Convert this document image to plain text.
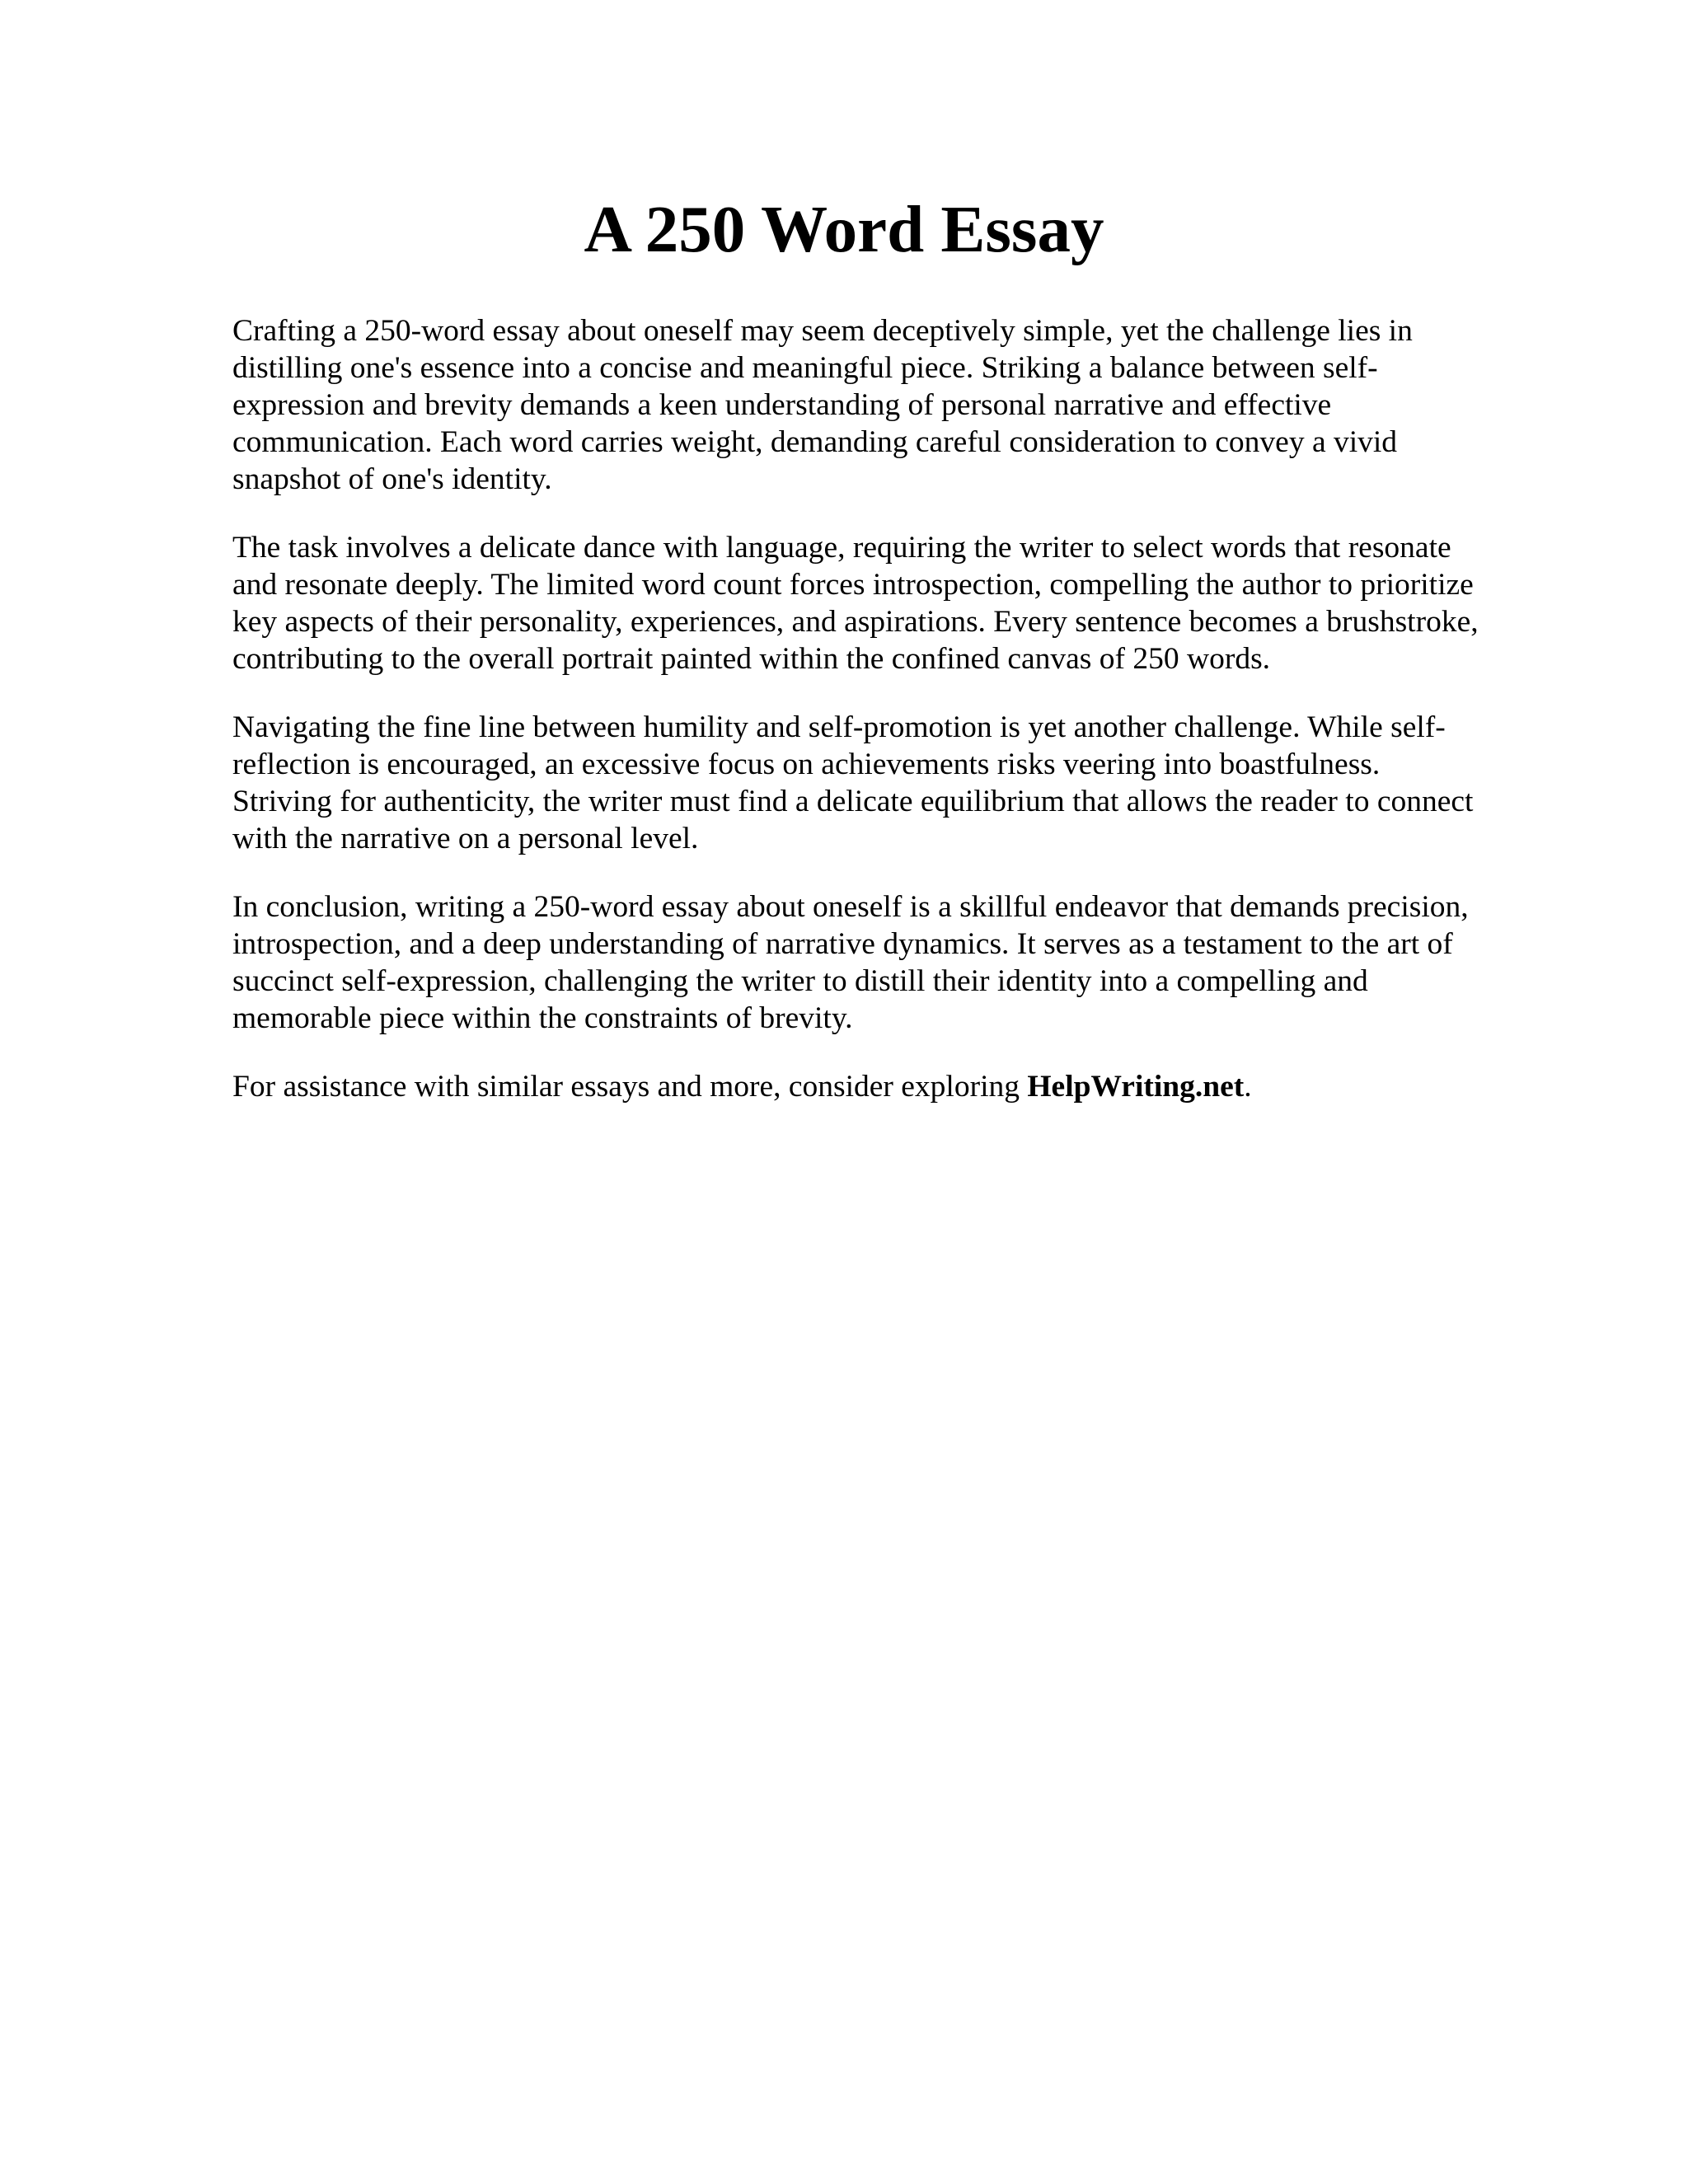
A 250 Word Essay

Crafting a 250-word essay about oneself may seem deceptively simple, yet the challenge lies in
distilling one's essence into a concise and meaningful piece. Striking a balance between self-
expression and brevity demands a keen understanding of personal narrative and effective
communication. Each word carries weight, demanding careful consideration to convey a vivid
snapshot of one's identity.

The task involves a delicate dance with language, requiring the writer to select words that resonate
and resonate deeply. The limited word count forces introspection, compelling the author to prioritize
key aspects of their personality, experiences, and aspirations. Every sentence becomes a brushstroke,
contributing to the overall portrait painted within the confined canvas of 250 words.

Navigating the fine line between humility and self-promotion is yet another challenge. While self-
reflection is encouraged, an excessive focus on achievements risks veering into boastfulness.
Striving for authenticity, the writer must find a delicate equilibrium that allows the reader to connect
with the narrative on a personal level.

In conclusion, writing a 250-word essay about oneself is a skillful endeavor that demands precision,
introspection, and a deep understanding of narrative dynamics. It serves as a testament to the art of
succinct self-expression, challenging the writer to distill their identity into a compelling and
memorable piece within the constraints of brevity.

For assistance with similar essays and more, consider exploring HelpWriting.net.
